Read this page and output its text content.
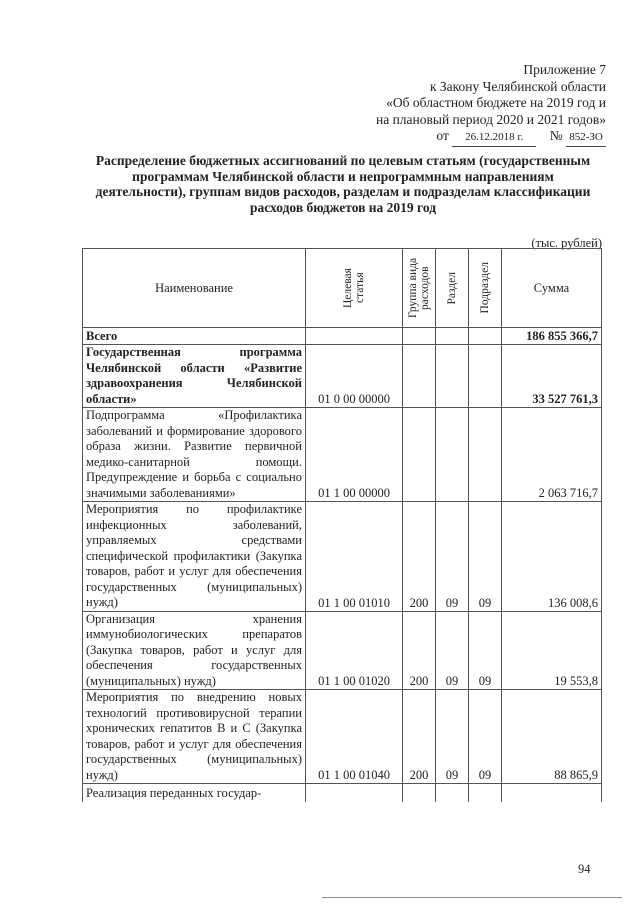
Приложение 7
к Закону Челябинской области
«Об областном бюджете на 2019 год и
на плановый период 2020 и 2021 годов»
от 26.12.2018 г. № 852-ЗО
Распределение бюджетных ассигнований по целевым статьям (государственным программам Челябинской области и непрограммным направлениям деятельности), группам видов расходов, разделам и подразделам классификации расходов бюджетов на 2019 год
(тыс. рублей)
Наименование	Целевая статья	Группа вида расходов	Раздел	Подраздел	Сумма
Всего					186 855 366,7
Государственная программа Челябинской области «Развитие здравоохранения Челябинской области»	01 0 00 00000				33 527 761,3
Подпрограмма «Профилактика заболеваний и формирование здорового образа жизни. Развитие первичной медико-санитарной помощи. Предупреждение и борьба с социально значимыми заболеваниями»	01 1 00 00000				2 063 716,7
Мероприятия по профилактике инфекционных заболеваний, управляемых средствами специфической профилактики (Закупка товаров, работ и услуг для обеспечения государственных (муниципальных) нужд)	01 1 00 01010	200	09	09	136 008,6
Организация хранения иммунобиологических препаратов (Закупка товаров, работ и услуг для обеспечения государственных (муниципальных) нужд)	01 1 00 01020	200	09	09	19 553,8
Мероприятия по внедрению новых технологий противовирусной терапии хронических гепатитов В и С (Закупка товаров, работ и услуг для обеспечения государственных (муниципальных) нужд)	01 1 00 01040	200	09	09	88 865,9
Реализация переданных государ-					
94
